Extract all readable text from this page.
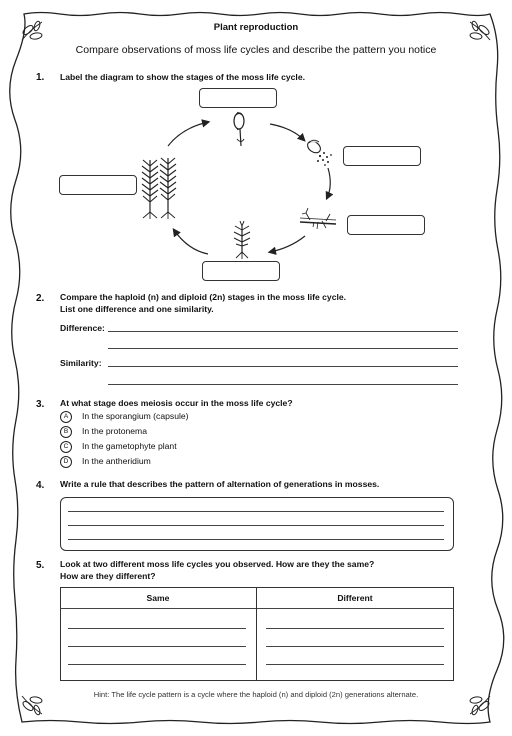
Plant reproduction
Compare observations of moss life cycles and describe the pattern you notice
1. Label the diagram to show the stages of the moss life cycle.
2. Compare the haploid (n) and diploid (2n) stages in the moss life cycle.
List one difference and one similarity.
Difference:
Similarity:
3. At what stage does meiosis occur in the moss life cycle?
A	In the sporangium (capsule)
B	In the protonema
C	In the gametophyte plant
D	In the antheridium
4. Write a rule that describes the pattern of alternation of generations in mosses.
5. Look at two different moss life cycles you observed. How are they the same?
How are they different?
Same	Different
Hint: The life cycle pattern is a cycle where the haploid (n) and diploid (2n) generations alternate.
